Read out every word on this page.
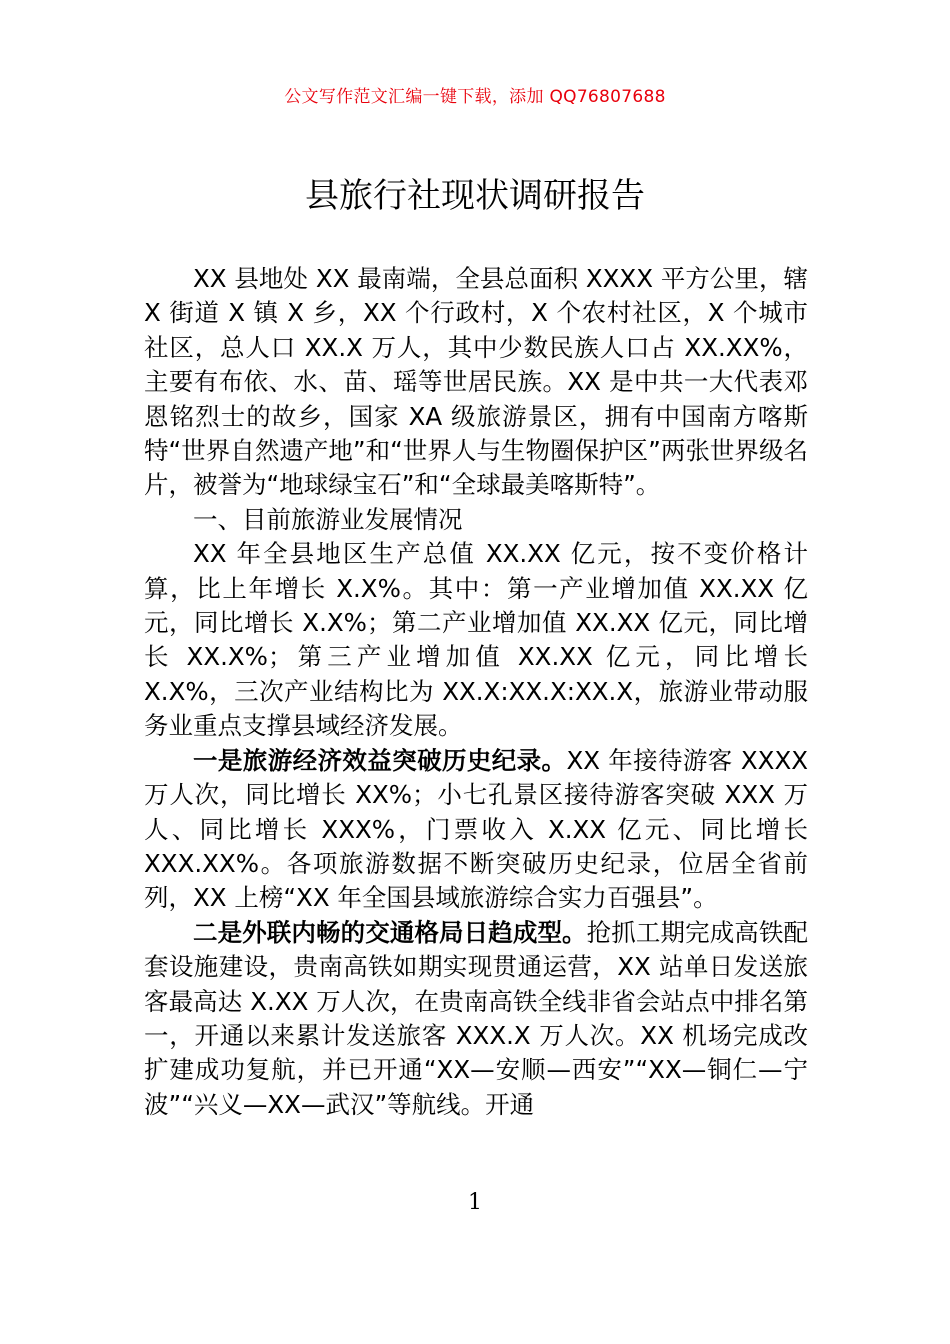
公文写作范文汇编一键下载，添加 QQ76807688
县旅行社现状调研报告

XX 县地处 XX 最南端，全县总面积 XXXX 平方公里，辖 X 街道 X 镇 X 乡，XX 个行政村，X 个农村社区，X 个城市社区，总人口 XX.X 万人，其中少数民族人口占 XX.XX%，主要有布依、水、苗、瑶等世居民族。XX 是中共一大代表邓恩铭烈士的故乡，国家 XA 级旅游景区，拥有中国南方喀斯特“世界自然遗产地”和“世界人与生物圈保护区”两张世界级名片，被誉为“地球绿宝石”和“全球最美喀斯特”。

一、目前旅游业发展情况

XX 年全县地区生产总值 XX.XX 亿元，按不变价格计算，比上年增长 X.X%。其中：第一产业增加值 XX.XX 亿元，同比增长 X.X%；第二产业增加值 XX.XX 亿元，同比增长 XX.X%；第三产业增加值 XX.XX 亿元，同比增长 X.X%，三次产业结构比为 XX.X:XX.X:XX.X，旅游业带动服务业重点支撑县域经济发展。

一是旅游经济效益突破历史纪录。XX 年接待游客 XXXX 万人次，同比增长 XX%；小七孔景区接待游客突破 XXX 万人、同比增长 XXX%，门票收入 X.XX 亿元、同比增长 XXX.XX%。各项旅游数据不断突破历史纪录，位居全省前列，XX 上榜“XX 年全国县域旅游综合实力百强县”。

二是外联内畅的交通格局日趋成型。抢抓工期完成高铁配套设施建设，贵南高铁如期实现贯通运营，XX 站单日发送旅客最高达 X.XX 万人次，在贵南高铁全线非省会站点中排名第一，开通以来累计发送旅客 XXX.X 万人次。XX 机场完成改扩建成功复航，并已开通“XX—安顺—西安”“XX—铜仁—宁波”“兴义—XX—武汉”等航线。开通

1
